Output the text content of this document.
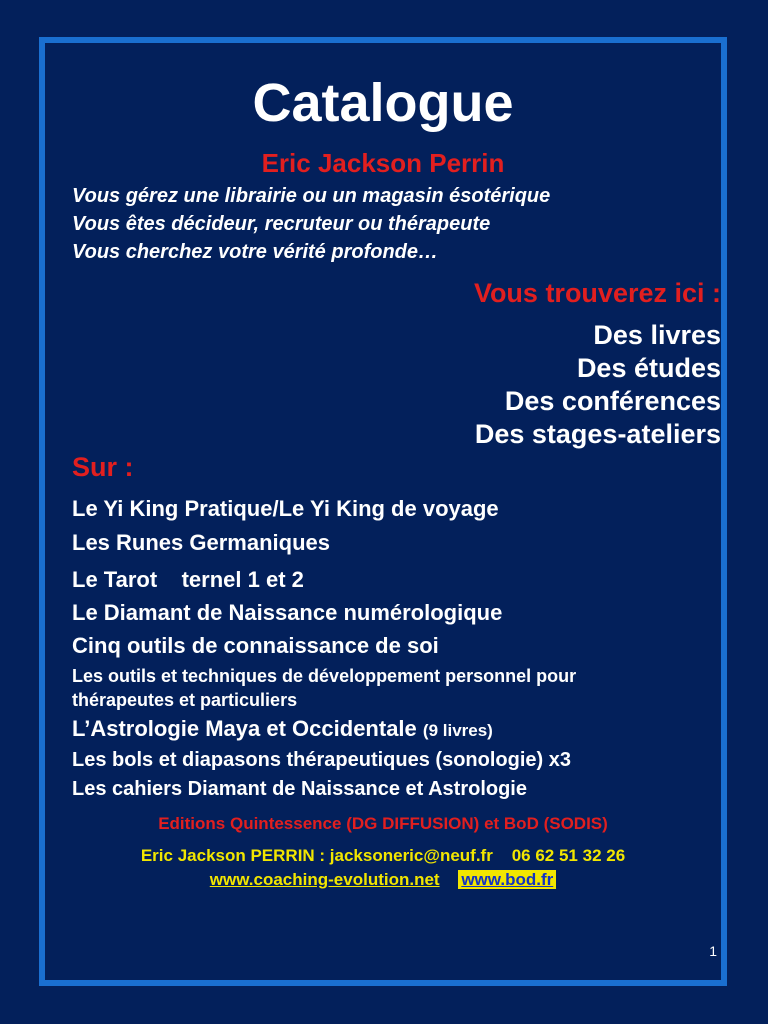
Catalogue
Eric Jackson Perrin
Vous gérez une librairie ou un magasin ésotérique
Vous êtes décideur, recruteur ou thérapeute
Vous cherchez votre vérité profonde…
Vous trouverez ici :
Des livres
Des études
Des conférences
Des stages-ateliers
Sur :
Le Yi King Pratique/Le Yi King de voyage
Les Runes Germaniques
Le Tarot    ternel 1 et 2
Le Diamant de Naissance numérologique
Cinq outils de connaissance de soi
Les outils et techniques de développement personnel pour
thérapeutes et particuliers
L’Astrologie Maya et Occidentale (9 livres)
Les bols et diapasons thérapeutiques (sonologie) x3
Les cahiers Diamant de Naissance et Astrologie
Editions Quintessence (DG DIFFUSION) et BoD (SODIS)
Eric Jackson PERRIN : jacksoneric@neuf.fr    06 62 51 32 26
www.coaching-evolution.net www.bod.fr
1
